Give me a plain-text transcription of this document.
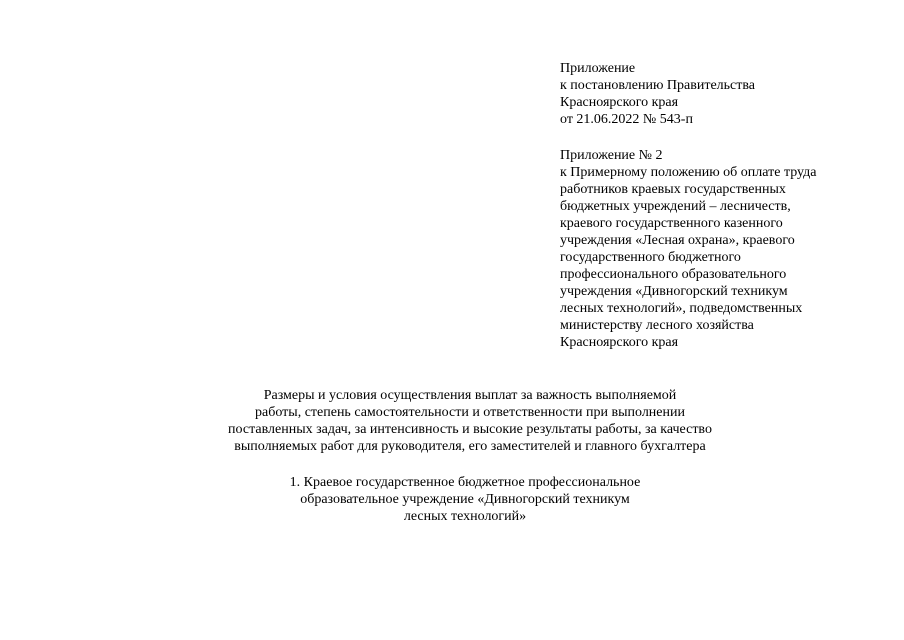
Приложение
к постановлению Правительства
Красноярского края
от 21.06.2022 № 543-п
Приложение № 2
к Примерному положению об оплате труда
работников краевых государственных
бюджетных учреждений – лесничеств,
краевого государственного казенного
учреждения «Лесная охрана», краевого
государственного бюджетного
профессионального образовательного
учреждения «Дивногорский техникум
лесных технологий», подведомственных
министерству лесного хозяйства
Красноярского края
Размеры и условия осуществления выплат за важность выполняемой
работы, степень самостоятельности и ответственности при выполнении
поставленных задач, за интенсивность и высокие результаты работы, за качество
выполняемых работ для руководителя, его заместителей и главного бухгалтера
1. Краевое государственное бюджетное профессиональное
образовательное учреждение «Дивногорский техникум
лесных технологий»
